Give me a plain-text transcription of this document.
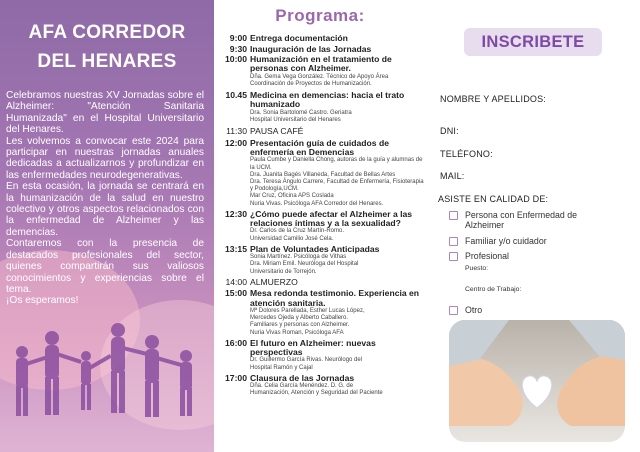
AFA CORREDOR
DEL HENARES

Celebramos nuestras XV Jornadas sobre el Alzheimer: "Atención Sanitaria Humanizada" en el Hospital Universitario del Henares.

Les volvemos a convocar este 2024 para participar en nuestras jornadas anuales dedicadas a actualizarnos y profundizar en las enfermedades neurodegenerativas.

En esta ocasión, la jornada se centrará en la humanización de la salud en nuestro colectivo y otros aspectos relacionados con la enfermedad de Alzheimer y las demencias.

Contaremos con la presencia de destacados profesionales del sector, quienes compartirán sus valiosos conocimientos y experiencias sobre el tema.

¡Os esperamos!

Programa:
9:00 Entrega documentación
9:30 Inauguración de las Jornadas
10:00 Humanización en el tratamiento de personas con Alzheimer.
Dña. Gema Vega González. Técnico de Apoyo Área
Coordinación de Proyectos de Humanización.
10.45 Medicina en demencias: hacia el trato humanizado
Dra. Sonia Bartolomé Castro. Geriatra
Hospital Universitario del Henares
11:30 PAUSA CAFÉ
12:00 Presentación guía de cuidados de enfermería en Demencias
Paula Cumbe y Daniella Chong, autoras de la guía y alumnas de la UCM.
Dra. Juanita Bagés Villaneda, Facultad de Bellas Artes
Dra. Teresa Ángulo Carrere, Facultad de Enfermería, Fisioterapia y Podología,UCM.
Mar Cruz, Oficina APS Coslada
Nuria Vivas. Psicóloga AFA Corredor del Henares.
12:30 ¿Cómo puede afectar el Alzheimer a las relaciones íntimas y a la sexualidad?
Dr. Carlos de la Cruz Martín-Romo.
Universidad Camilio José Cela.
13:15 Plan de Voluntades Anticipadas
Sonia Martínez. Psicóloga de Vithas
Dra. Miriam Emil. Neuróloga del Hospital
Universitario de Torrejón.
14:00 ALMUERZO
15:00 Mesa redonda testimonio. Experiencia en atención sanitaria.
Mª Dolores Parellada, Esther Lucas López,
Mercedes Ojeda y Alberto Caballero.
Familiares y personas con Alzheimer.
Nuria Vivas Roman, Psicóloga AFA
16:00 El futuro en Alzheimer: nuevas perspectivas
Dr. Guillermo García Rivas. Neurólogo del
Hospital Ramón y Cajal
17:00 Clausura de las Jornadas
Dña. Celia García Menéndez. D. G. de
Humanización, Atención y Seguridad del Paciente
INSCRIBETE
NOMBRE Y APELLIDOS:
DNI:
TELÉFONO:
MAIL:
ASISTE EN CALIDAD DE:
Persona con Enfermedad de Alzheimer
Familiar y/o cuidador
Profesional
Puesto:
Centro de Trabajo:
Otro
